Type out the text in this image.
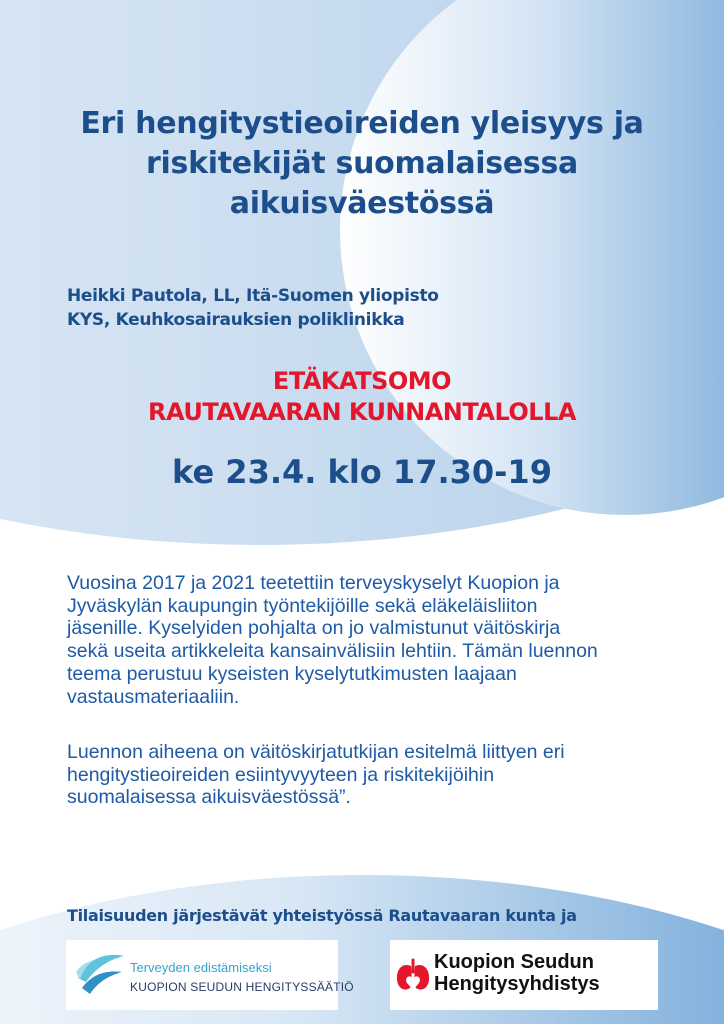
Eri hengitystieoireiden yleisyys ja
riskitekijät suomalaisessa
aikuisväestössä
Heikki Pautola, LL, Itä-Suomen yliopisto
KYS, Keuhkosairauksien poliklinikka
ETÄKATSOMO
RAUTAVAARAN KUNNANTALOLLA
ke 23.4. klo 17.30-19
Vuosina 2017 ja 2021 teetettiin terveyskyselyt Kuopion ja
Jyväskylän kaupungin työntekijöille sekä eläkeläisliiton
jäsenille. Kyselyiden pohjalta on jo valmistunut väitöskirja
sekä useita artikkeleita kansainvälisiin lehtiin. Tämän luennon
teema perustuu kyseisten kyselytutkimusten laajaan
vastausmateriaaliin.
Luennon aiheena on väitöskirjatutkijan esitelmä liittyen eri
hengitystieoireiden esiintyvyyteen ja riskitekijöihin
suomalaisessa aikuisväestössä”.
Tilaisuuden järjestävät yhteistyössä Rautavaaran kunta ja
Terveyden edistämiseksi
KUOPION SEUDUN HENGITYSSÄÄTIÖ
Kuopion Seudun
Hengitysyhdistys
